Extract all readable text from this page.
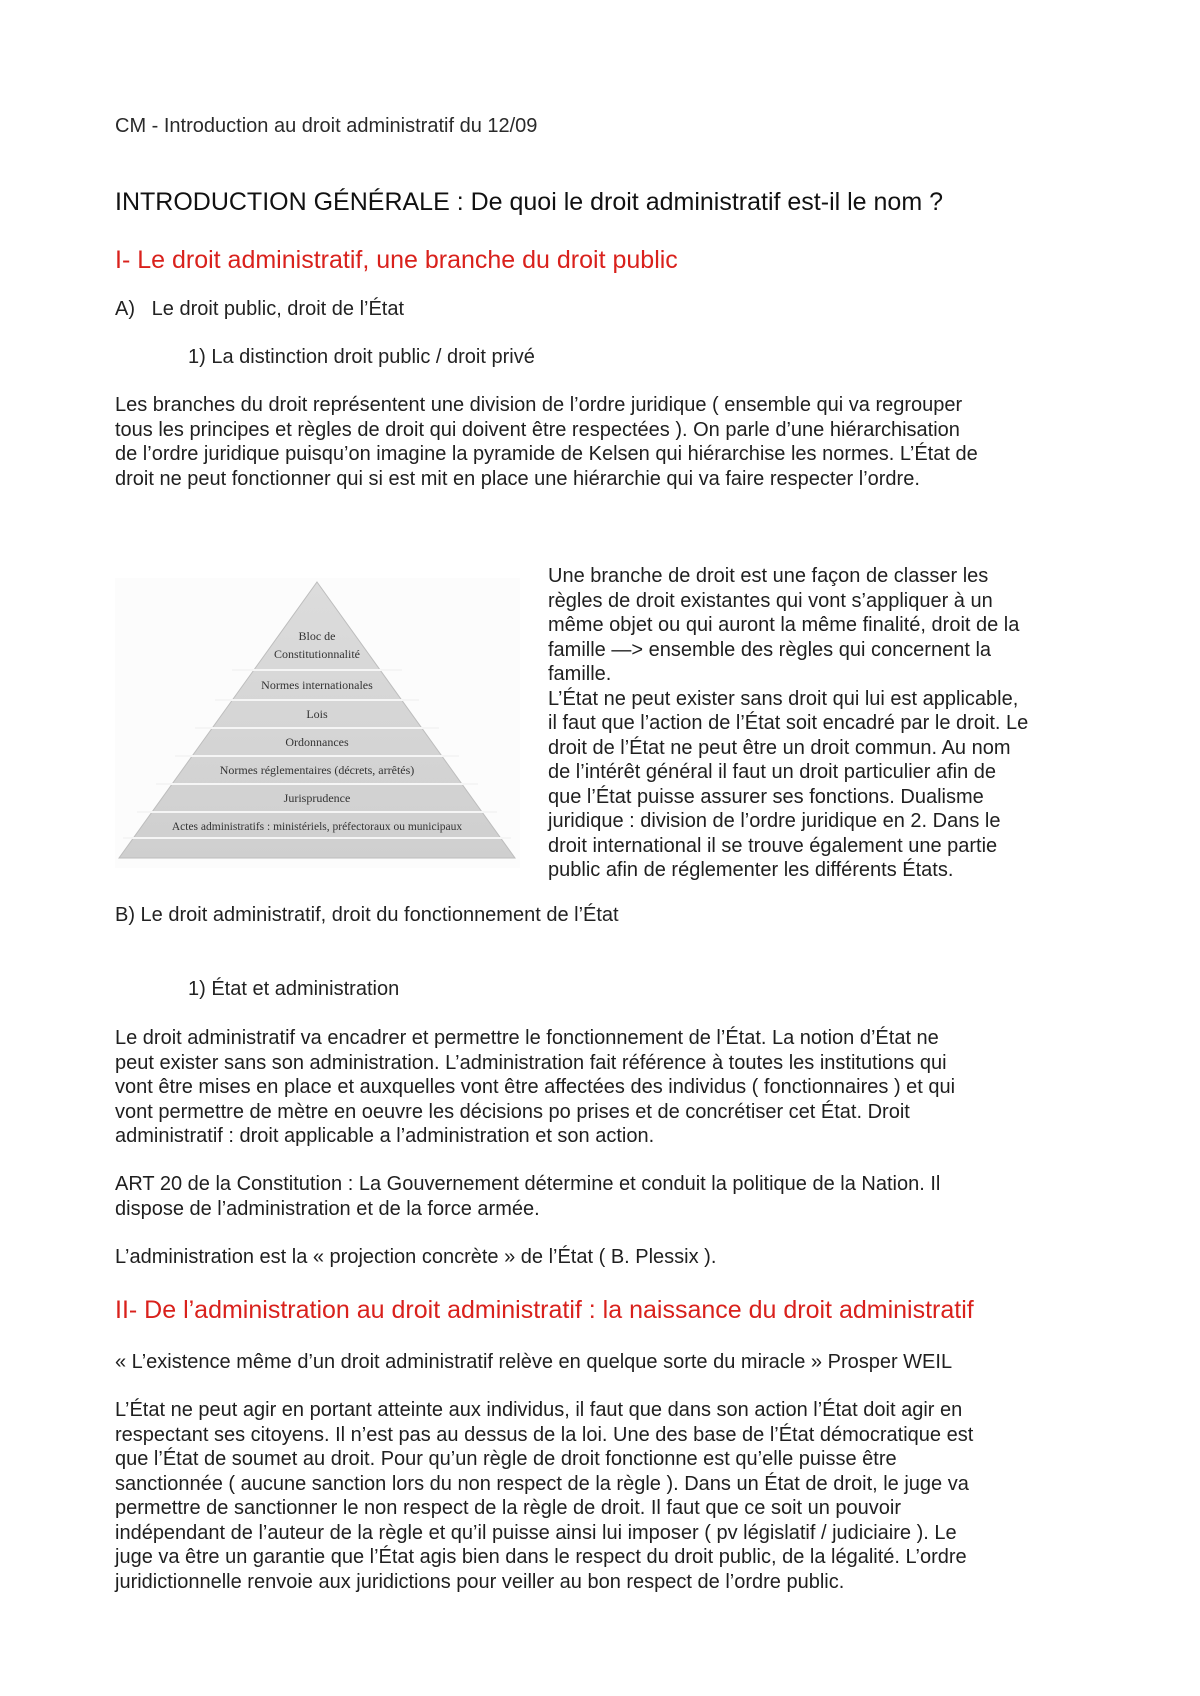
CM - Introduction au droit administratif du 12/09
INTRODUCTION GÉNÉRALE : De quoi le droit administratif est-il le nom ?
I- Le droit administratif, une branche du droit public
A)   Le droit public, droit de l’État
1) La distinction droit public / droit privé
Les branches du droit représentent une division de l’ordre juridique ( ensemble qui va regrouper
tous les principes et règles de droit qui doivent être respectées ). On parle d’une hiérarchisation
de l’ordre juridique puisqu’on imagine la pyramide de Kelsen qui hiérarchise les normes. L’État de
droit ne peut fonctionner qui si est mit en place une hiérarchie qui va faire respecter l’ordre.
Bloc de
Constitutionnalité
Normes internationales
Lois
Ordonnances
Normes réglementaires (décrets, arrêtés)
Jurisprudence
Actes administratifs : ministériels, préfectoraux ou municipaux
Une branche de droit est une façon de classer les
règles de droit existantes qui vont s’appliquer à un
même objet ou qui auront la même finalité, droit de la
famille —> ensemble des règles qui concernent la
famille.
L’État ne peut exister sans droit qui lui est applicable,
il faut que l’action de l’État soit encadré par le droit. Le
droit de l’État ne peut être un droit commun. Au nom
de l’intérêt général il faut un droit particulier afin de
que l’État puisse assurer ses fonctions. Dualisme
juridique : division de l’ordre juridique en 2. Dans le
droit international il se trouve également une partie
public afin de réglementer les différents États.
B) Le droit administratif, droit du fonctionnement de l’État
1) État et administration
Le droit administratif va encadrer et permettre le fonctionnement de l’État. La notion d’État ne
peut exister sans son administration. L’administration fait référence à toutes les institutions qui
vont être mises en place et auxquelles vont être affectées des individus ( fonctionnaires ) et qui
vont permettre de mètre en oeuvre les décisions po prises et de concrétiser cet État. Droit
administratif : droit applicable a l’administration et son action.
ART 20 de la Constitution : La Gouvernement détermine et conduit la politique de la Nation. Il
dispose de l’administration et de la force armée.
L’administration est la « projection concrète » de l’État ( B. Plessix ).
II- De l’administration au droit administratif : la naissance du droit administratif
« L’existence même d’un droit administratif relève en quelque sorte du miracle » Prosper WEIL
L’État ne peut agir en portant atteinte aux individus, il faut que dans son action l’État doit agir en
respectant ses citoyens. Il n’est pas au dessus de la loi. Une des base de l’État démocratique est
que l’État de soumet au droit. Pour qu’un règle de droit fonctionne est qu’elle puisse être
sanctionnée ( aucune sanction lors du non respect de la règle ). Dans un État de droit, le juge va
permettre de sanctionner le non respect de la règle de droit. Il faut que ce soit un pouvoir
indépendant de l’auteur de la règle et qu’il puisse ainsi lui imposer ( pv législatif / judiciaire ). Le
juge va être un garantie que l’État agis bien dans le respect du droit public, de la légalité. L’ordre
juridictionnelle renvoie aux juridictions pour veiller au bon respect de l’ordre public.
